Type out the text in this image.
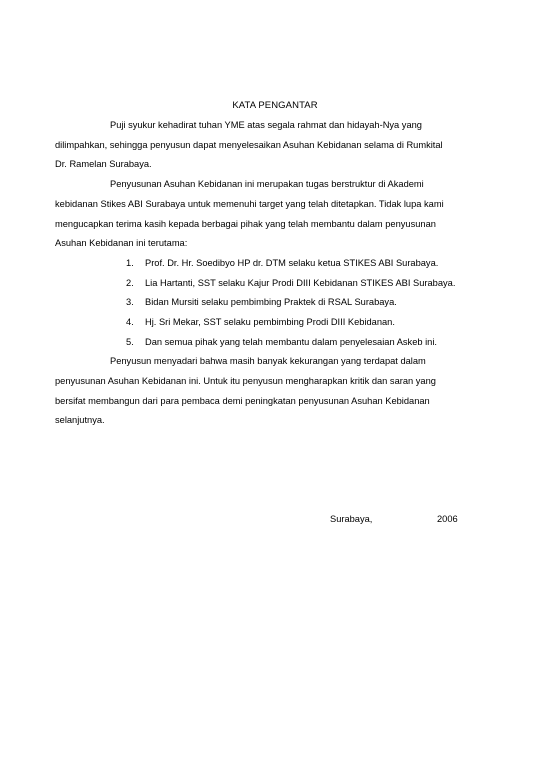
KATA PENGANTAR
Puji syukur kehadirat tuhan YME atas segala rahmat dan hidayah-Nya yang
dilimpahkan, sehingga penyusun dapat menyelesaikan Asuhan Kebidanan selama di Rumkital
Dr. Ramelan Surabaya.
Penyusunan Asuhan Kebidanan ini merupakan tugas berstruktur di Akademi
kebidanan Stikes ABI Surabaya untuk memenuhi target yang telah ditetapkan. Tidak lupa kami
mengucapkan terima kasih kepada berbagai pihak yang telah membantu dalam penyusunan
Asuhan Kebidanan ini terutama:
1. Prof. Dr. Hr. Soedibyo HP dr. DTM selaku ketua STIKES ABI Surabaya.
2. Lia Hartanti, SST selaku Kajur Prodi DIII Kebidanan STIKES ABI Surabaya.
3. Bidan Mursiti selaku pembimbing Praktek di RSAL Surabaya.
4. Hj. Sri Mekar, SST selaku pembimbing Prodi DIII Kebidanan.
5. Dan semua pihak yang telah membantu dalam penyelesaian Askeb ini.
Penyusun menyadari bahwa masih banyak kekurangan yang terdapat dalam
penyusunan Asuhan Kebidanan ini. Untuk itu penyusun mengharapkan kritik dan saran yang
bersifat membangun dari para pembaca demi peningkatan penyusunan Asuhan Kebidanan
selanjutnya.
Surabaya,	2006
